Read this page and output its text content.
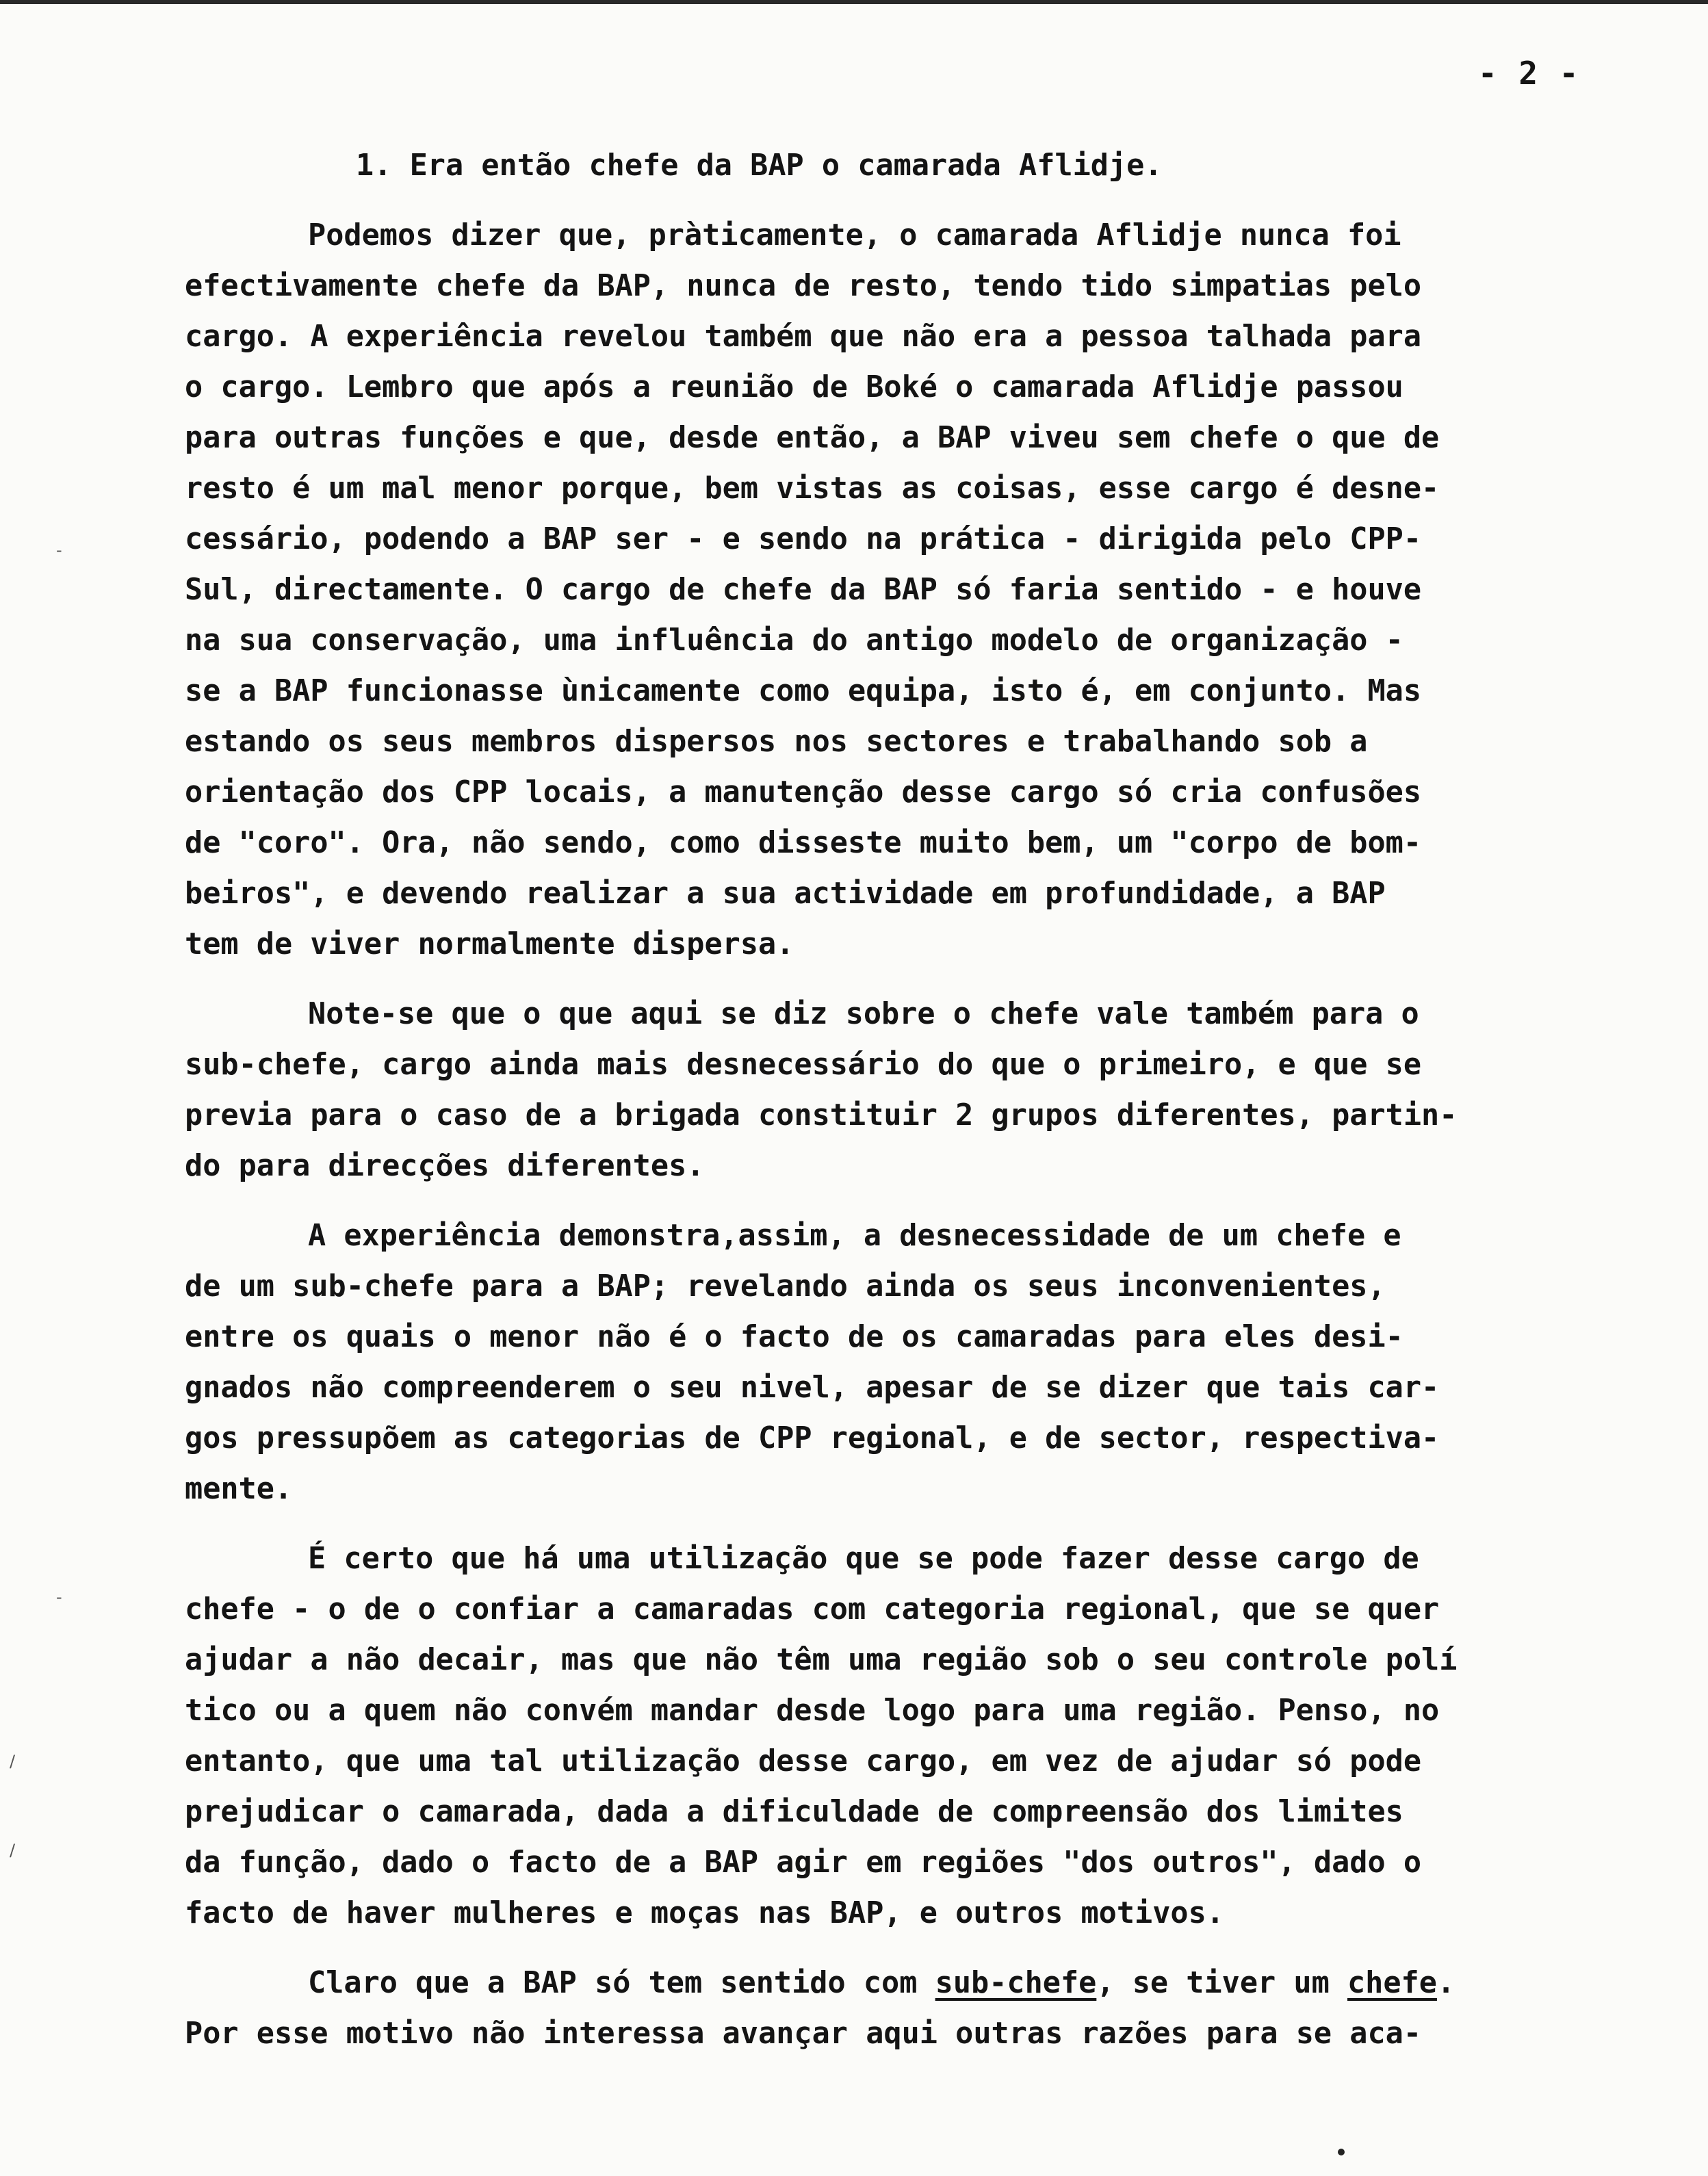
- 2 -
-
-
/
/
1. Era então chefe da BAP o camarada Aflidje.
Podemos dizer que, pràticamente, o camarada Aflidje nunca foi
efectivamente chefe da BAP, nunca de resto, tendo tido simpatias pelo
cargo. A experiência revelou também que não era a pessoa talhada para
o cargo. Lembro que após a reunião de Boké o camarada Aflidje passou
para outras funções e que, desde então, a BAP viveu sem chefe o que de
resto é um mal menor porque, bem vistas as coisas, esse cargo é desne-
cessário, podendo a BAP ser - e sendo na prática - dirigida pelo CPP-
Sul, directamente. O cargo de chefe da BAP só faria sentido - e houve
na sua conservação, uma influência do antigo modelo de organização -
se a BAP funcionasse ùnicamente como equipa, isto é, em conjunto. Mas
estando os seus membros dispersos nos sectores e trabalhando sob a
orientação dos CPP locais, a manutenção desse cargo só cria confusões
de "coro". Ora, não sendo, como disseste muito bem, um "corpo de bom-
beiros", e devendo realizar a sua actividade em profundidade, a BAP
tem de viver normalmente dispersa.
Note-se que o que aqui se diz sobre o chefe vale também para o
sub-chefe, cargo ainda mais desnecessário do que o primeiro, e que se
previa para o caso de a brigada constituir 2 grupos diferentes, partin-
do para direcções diferentes.
A experiência demonstra,assim, a desnecessidade de um chefe e
de um sub-chefe para a BAP; revelando ainda os seus inconvenientes,
entre os quais o menor não é o facto de os camaradas para eles desi-
gnados não compreenderem o seu nivel, apesar de se dizer que tais car-
gos pressupõem as categorias de CPP regional, e de sector, respectiva-
mente.
É certo que há uma utilização que se pode fazer desse cargo de
chefe - o de o confiar a camaradas com categoria regional, que se quer
ajudar a não decair, mas que não têm uma região sob o seu controle polí
tico ou a quem não convém mandar desde logo para uma região. Penso, no
entanto, que uma tal utilização desse cargo, em vez de ajudar só pode
prejudicar o camarada, dada a dificuldade de compreensão dos limites
da função, dado o facto de a BAP agir em regiões "dos outros", dado o
facto de haver mulheres e moças nas BAP, e outros motivos.
Claro que a BAP só tem sentido com sub-chefe, se tiver um chefe.
Por esse motivo não interessa avançar aqui outras razões para se aca-
